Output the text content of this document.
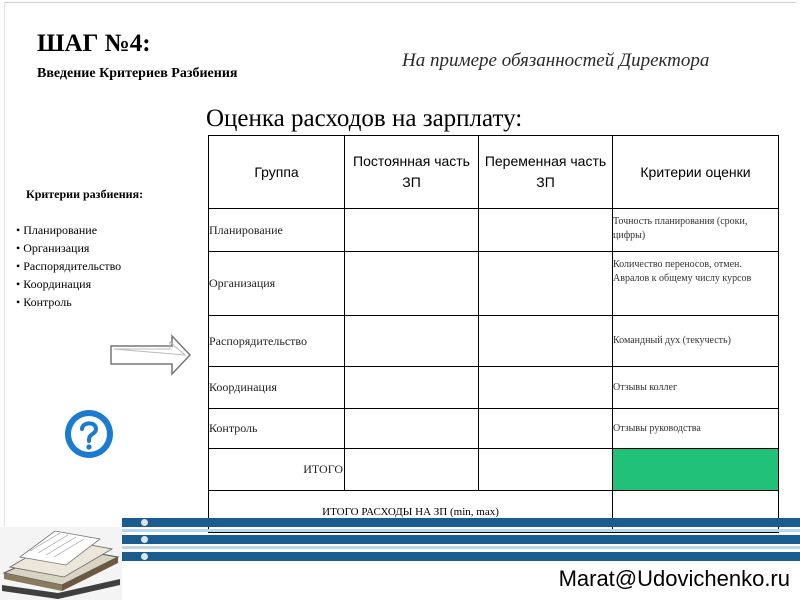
ШАГ №4:
Введение Критериев Разбиения
На примере обязанностей Директора
Оценка расходов на зарплату:
Критерии разбиения:
• Планирование
• Организация
• Распорядительство
• Координация
• Контроль
Группа	Постоянная часть ЗП	Переменная часть ЗП	Критерии оценки
Планирование			Точность планирования (сроки, цифры)
Организация			Количество переносов, отмен. Авралов к общему числу курсов
Распорядительство			Командный дух (текучесть)
Координация			Отзывы коллег
Контроль			Отзывы руководства
ИТОГО			
ИТОГО РАСХОДЫ НА ЗП (min, max)			
Marat@Udovichenko.ru
